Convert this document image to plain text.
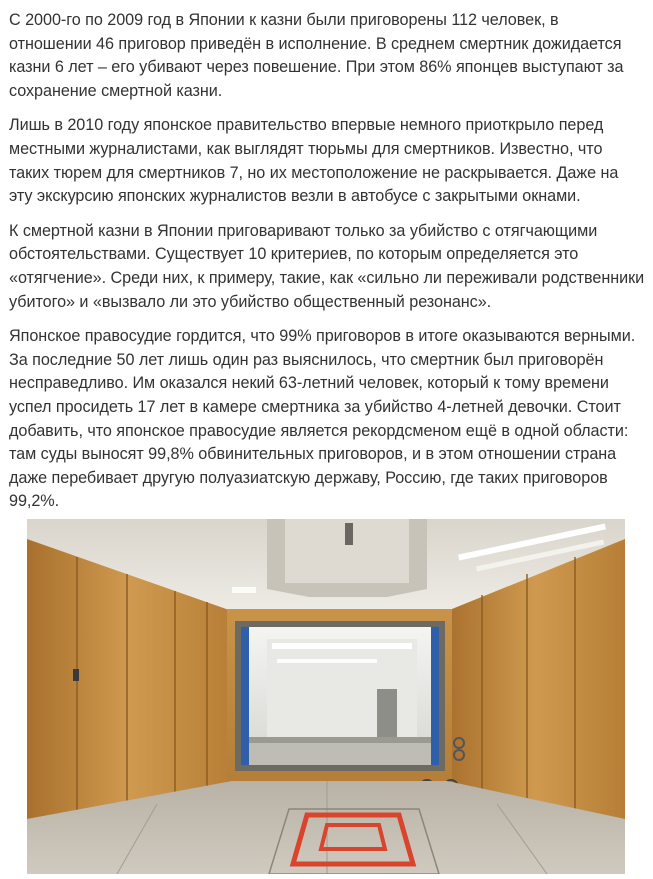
С 2000-го по 2009 год в Японии к казни были приговорены 112 человек, в отношении 46 приговор приведён в исполнение. В среднем смертник дожидается казни 6 лет – его убивают через повешение. При этом 86% японцев выступают за сохранение смертной казни.

Лишь в 2010 году японское правительство впервые немного приоткрыло перед местными журналистами, как выглядят тюрьмы для смертников. Известно, что таких тюрем для смертников 7, но их местоположение не раскрывается. Даже на эту экскурсию японских журналистов везли в автобусе с закрытыми окнами.

К смертной казни в Японии приговаривают только за убийство с отягчающими обстоятельствами. Существует 10 критериев, по которым определяется это «отягчение». Среди них, к примеру, такие, как «сильно ли переживали родственники убитого» и «вызвало ли это убийство общественный резонанс».

Японское правосудие гордится, что 99% приговоров в итоге оказываются верными. За последние 50 лет лишь один раз выяснилось, что смертник был приговорён несправедливо. Им оказался некий 63-летний человек, который к тому времени успел просидеть 17 лет в камере смертника за убийство 4-летней девочки. Стоит добавить, что японское правосудие является рекордсменом ещё в одной области: там суды выносят 99,8% обвинительных приговоров, и в этом отношении страна даже перебивает другую полуазиатскую державу, Россию, где таких приговоров 99,2%.
